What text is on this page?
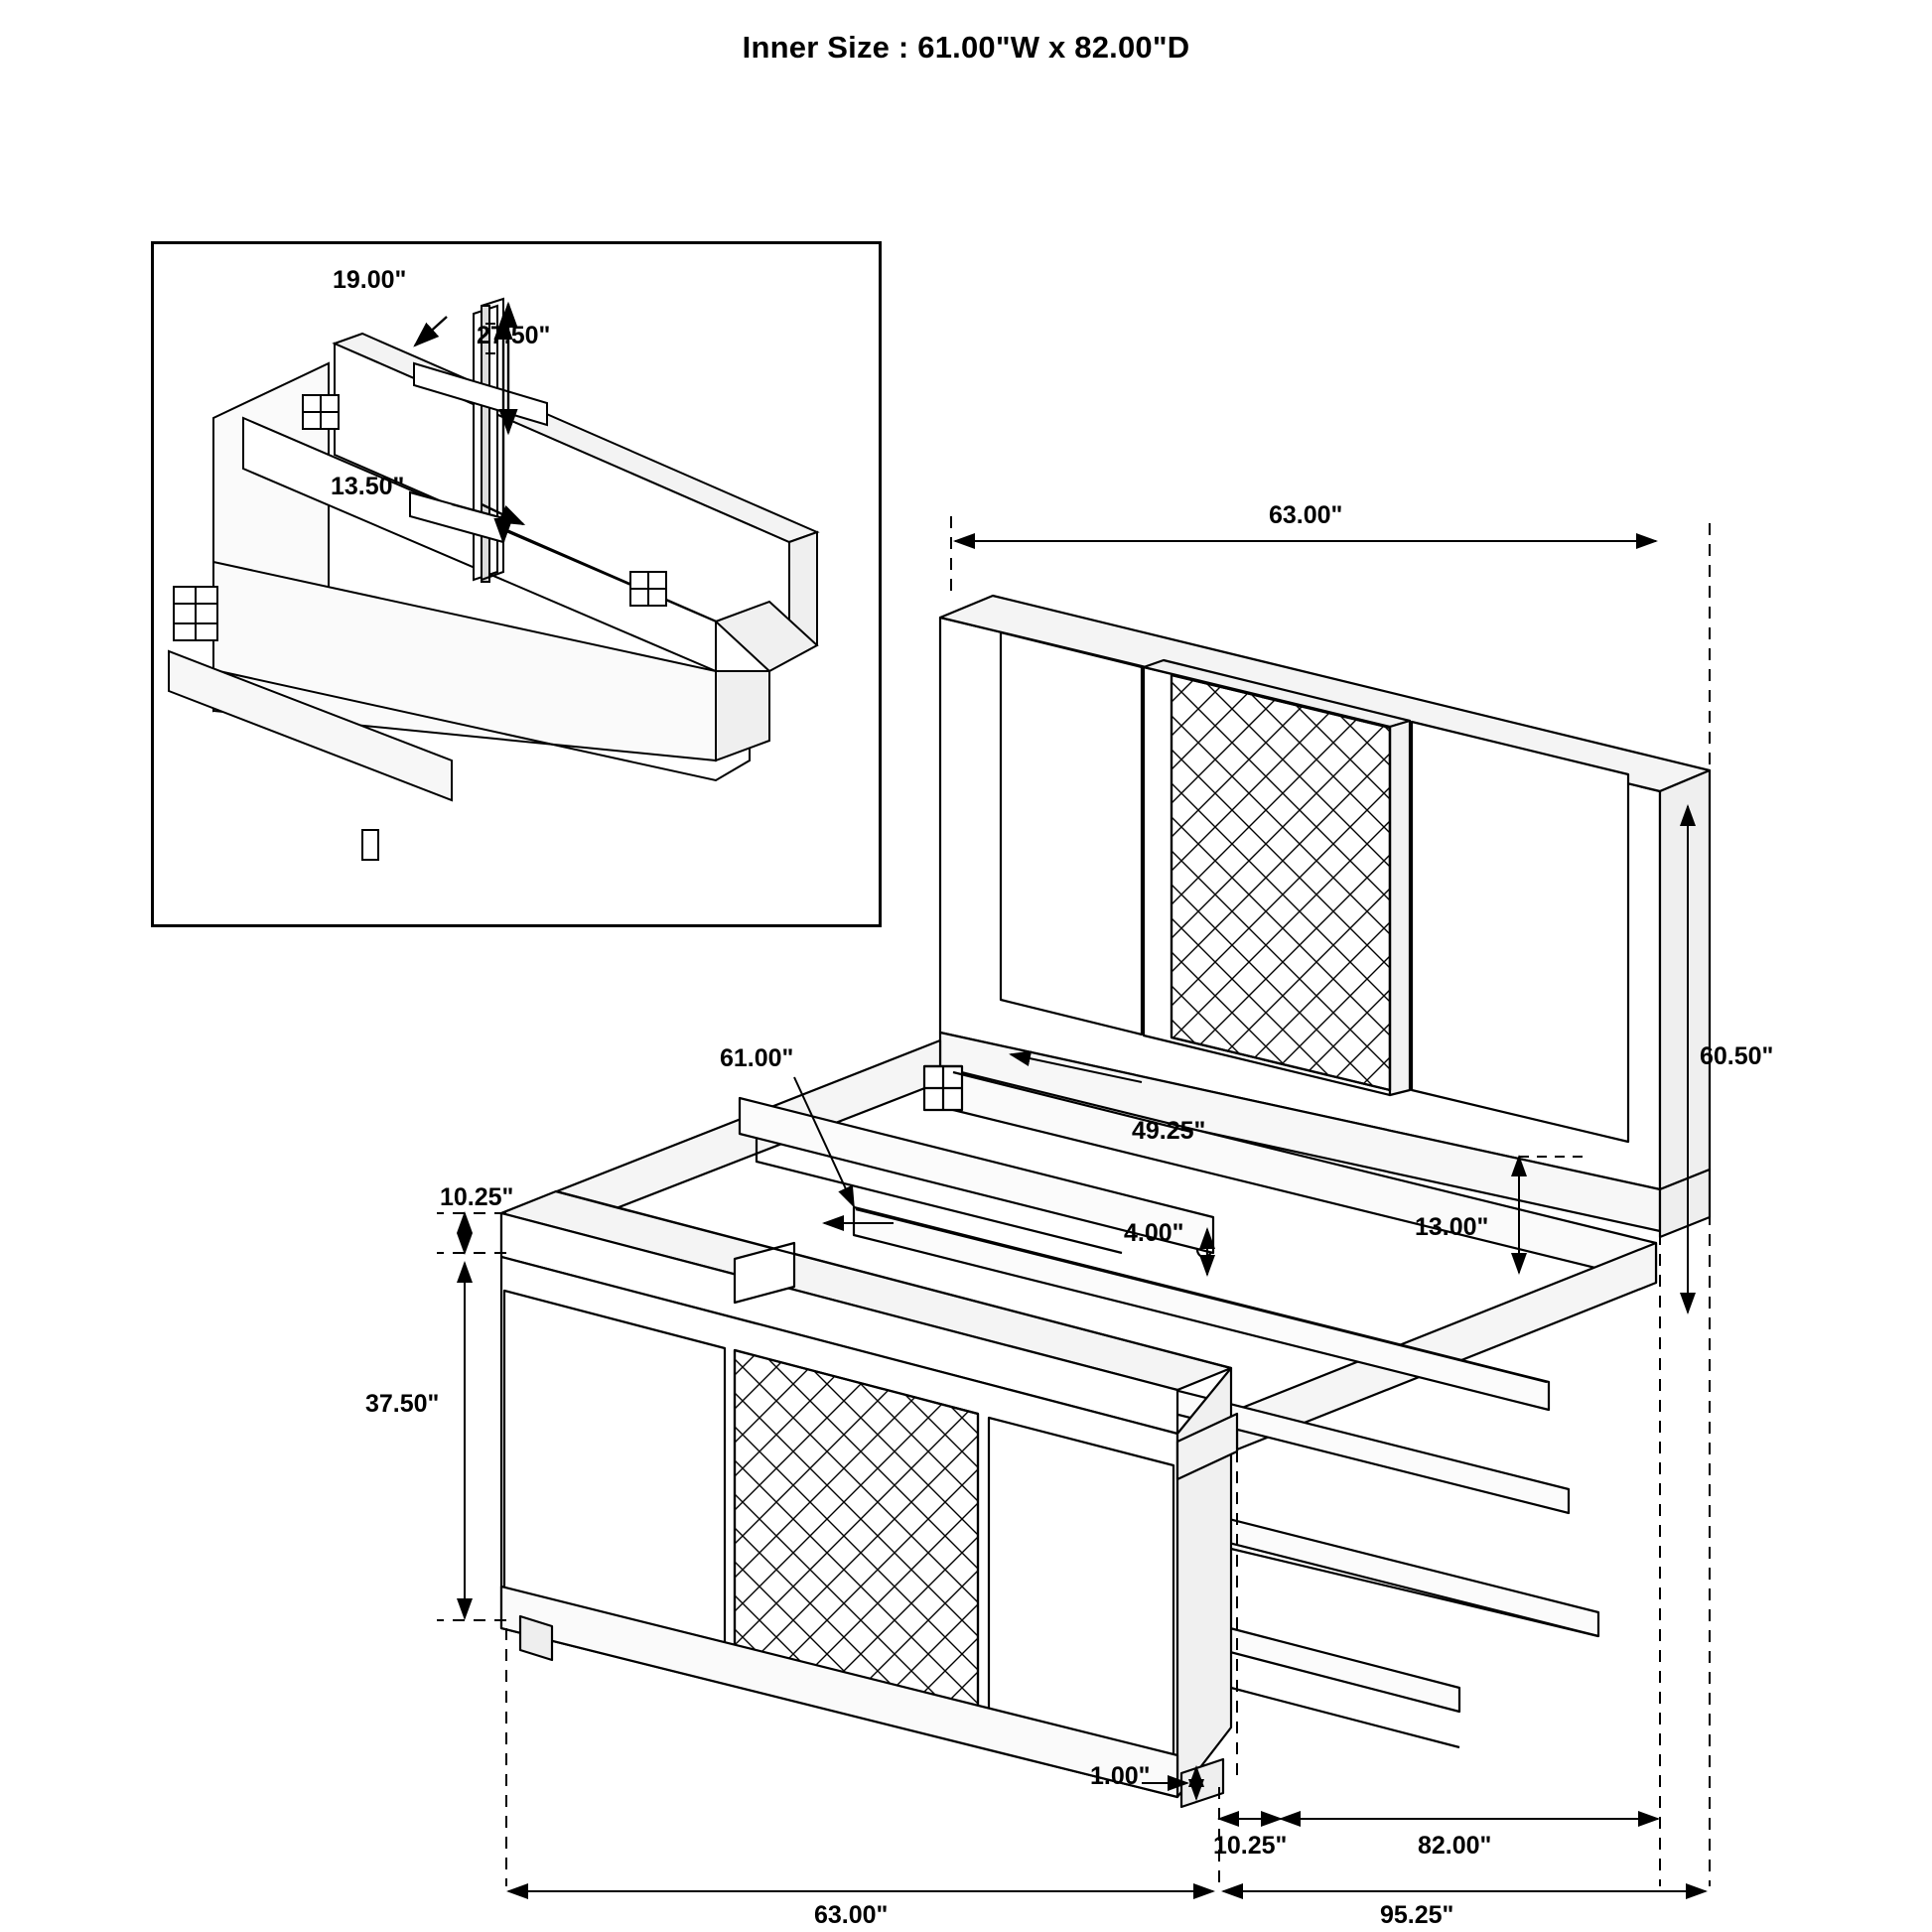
Inner Size : 61.00"W x 82.00"D
19.00"
27.50"
13.50"
63.00"
60.50"
61.00"
49.25"
13.00"
4.00"
10.25"
37.50"
1.00"
10.25"	82.00"
63.00"	95.25"
